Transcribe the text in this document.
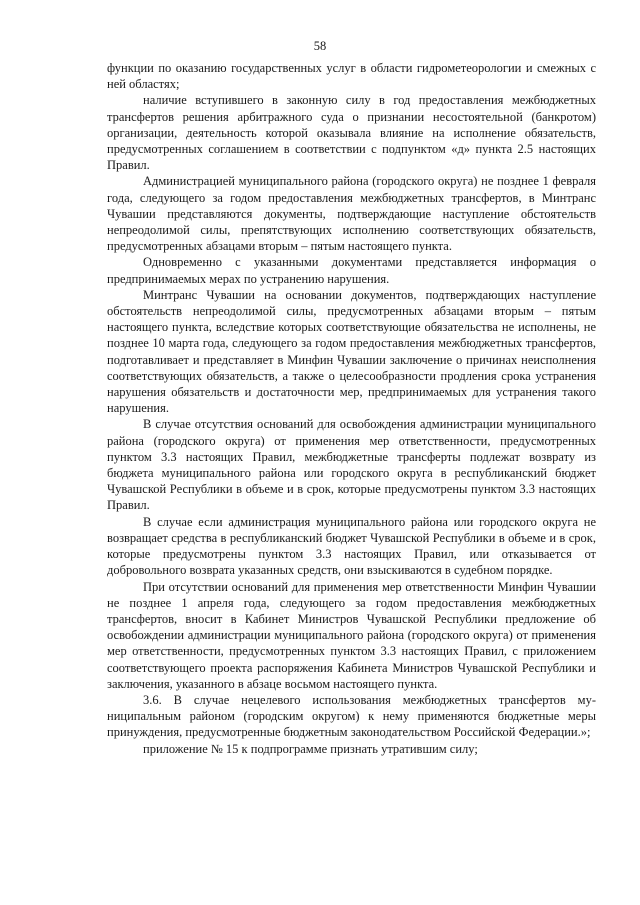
58

функции по оказанию государственных услуг в области гидрометеорологии и смежных с ней областях;

наличие вступившего в законную силу в год предоставления межбюджетных трансфертов решения арбитражного суда о признании несостоятельной (банкротом) организации, деятельность которой оказывала влияние на исполнение обязательств, предусмотренных соглашением в соответствии с подпунктом «д» пункта 2.5 настоящих Правил.

Администрацией муниципального района (городского округа) не позднее 1 февраля года, следующего за годом предоставления межбюджетных трансфертов, в Минтранс Чувашии представляются документы, подтверждающие наступление обстоятельств непреодолимой силы, препятствующих исполнению соответствующих обязательств, предусмотренных абзацами вторым – пятым настоящего пункта.

Одновременно с указанными документами представляется информация о предпринимаемых мерах по устранению нарушения.

Минтранс Чувашии на основании документов, подтверждающих наступление обстоятельств непреодолимой силы, предусмотренных абзацами вторым – пятым настоящего пункта, вследствие которых соответствующие обязательства не исполнены, не позднее 10 марта года, следующего за годом предоставления межбюджетных трансфертов, подготавливает и представляет в Минфин Чувашии заключение о причинах неисполнения соответствующих обязательств, а также о целесообразности продления срока устранения нарушения обязательств и достаточности мер, предпринимаемых для устранения такого нарушения.

В случае отсутствия оснований для освобождения администрации муниципального района (городского округа) от применения мер ответственности, предусмотренных пунктом 3.3 настоящих Правил, межбюджетные трансферты подлежат возврату из бюджета муниципального района или городского округа в республиканский бюджет Чувашской Республики в объеме и в срок, которые предусмотрены пунктом 3.3 настоящих Правил.

В случае если администрация муниципального района или городского округа не возвращает средства в республиканский бюджет Чувашской Республики в объеме и в срок, которые предусмотрены пунктом 3.3 настоящих Правил, или отказывается от добровольного возврата указанных средств, они взыскиваются в судебном порядке.

При отсутствии оснований для применения мер ответственности Минфин Чувашии не позднее 1 апреля года, следующего за годом предоставления межбюджетных трансфертов, вносит в Кабинет Министров Чувашской Республики предложение об освобождении администрации муниципального района (городского округа) от применения мер ответственности, предусмотренных пунктом 3.3 настоящих Правил, с приложением соответствующего проекта распоряжения Кабинета Министров Чувашской Республики и заключения, указанного в абзаце восьмом настоящего пункта.

3.6. В случае нецелевого использования межбюджетных трансфертов муниципальным районом (городским округом) к нему применяются бюджетные меры принуждения, предусмотренные бюджетным законодательством Российской Федерации.»;

приложение № 15 к подпрограмме признать утратившим силу;
